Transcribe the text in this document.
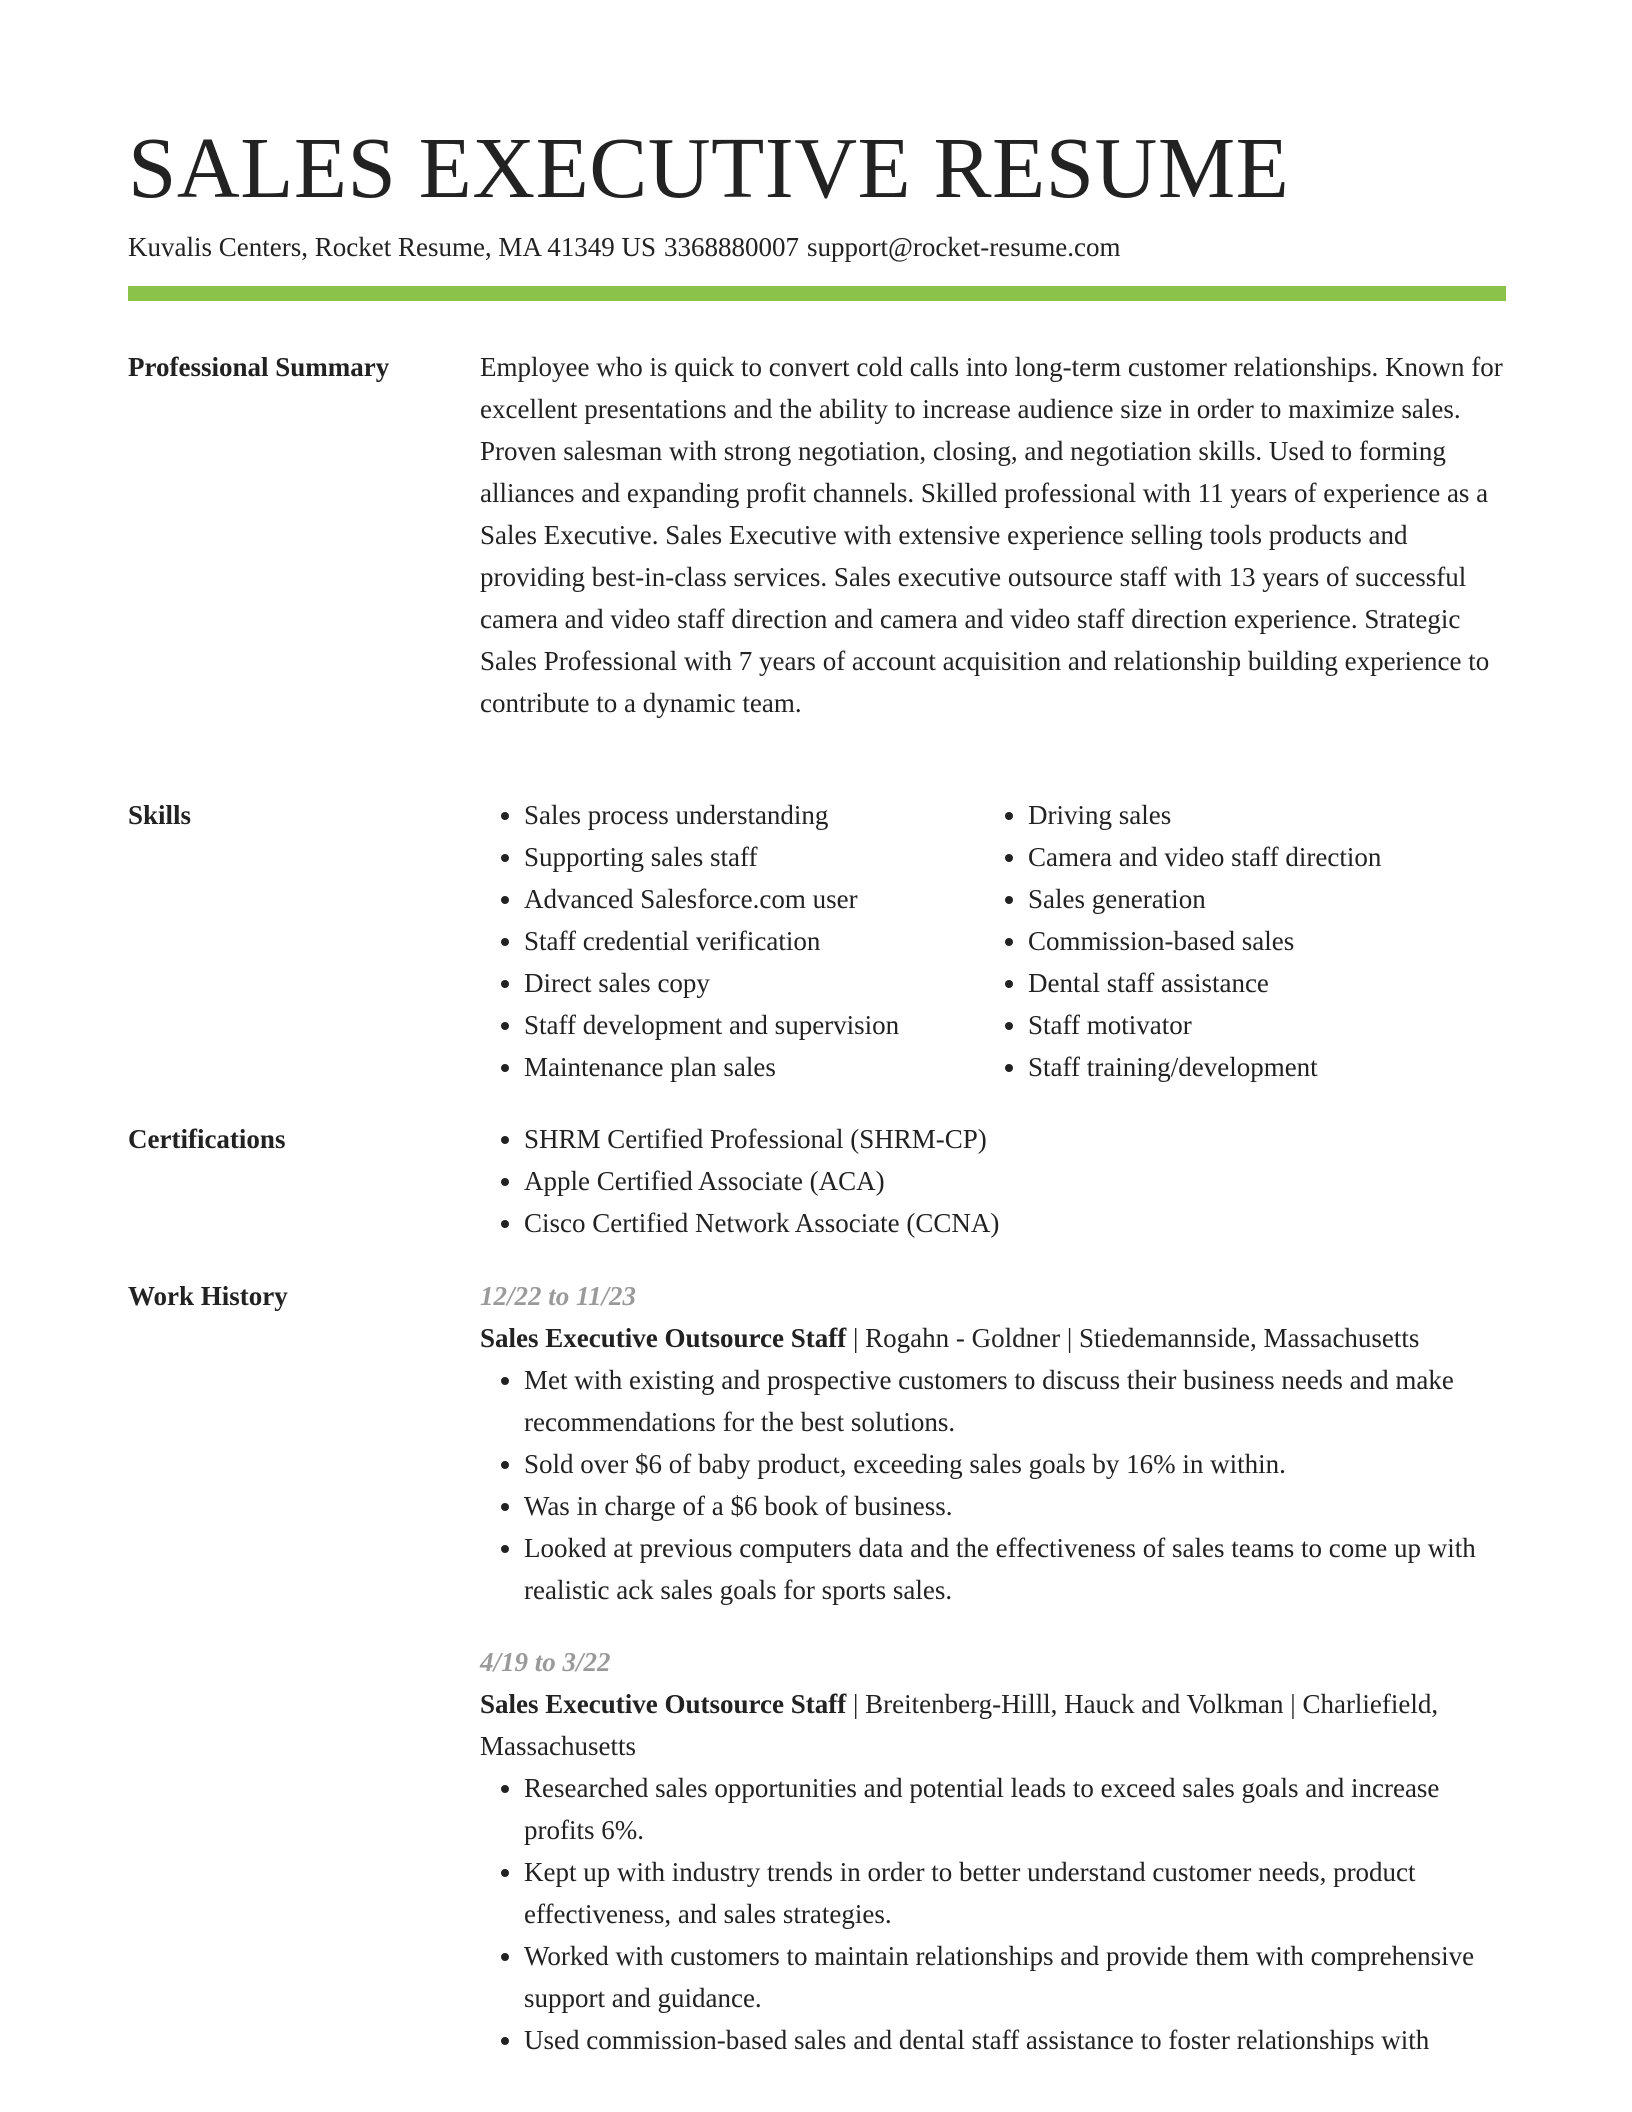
SALES EXECUTIVE RESUME
Kuvalis Centers, Rocket Resume, MA 41349 US 3368880007 support@rocket-resume.com
Professional Summary	Employee who is quick to convert cold calls into long-term customer relationships. Known for excellent presentations and the ability to increase audience size in order to maximize sales. Proven salesman with strong negotiation, closing, and negotiation skills. Used to forming alliances and expanding profit channels. Skilled professional with 11 years of experience as a Sales Executive. Sales Executive with extensive experience selling tools products and providing best-in-class services. Sales executive outsource staff with 13 years of successful camera and video staff direction and camera and video staff direction experience. Strategic Sales Professional with 7 years of account acquisition and relationship building experience to contribute to a dynamic team.

Skills	• Sales process understanding
• Supporting sales staff
• Advanced Salesforce.com user
• Staff credential verification
• Direct sales copy
• Staff development and supervision
• Maintenance plan sales
• Driving sales
• Camera and video staff direction
• Sales generation
• Commission-based sales
• Dental staff assistance
• Staff motivator
• Staff training/development
Certifications	• SHRM Certified Professional (SHRM-CP)
• Apple Certified Associate (ACA)
• Cisco Certified Network Associate (CCNA)
Work History	12/22 to 11/23
Sales Executive Outsource Staff | Rogahn - Goldner | Stiedemannside, Massachusetts
• Met with existing and prospective customers to discuss their business needs and make recommendations for the best solutions.
• Sold over $6 of baby product, exceeding sales goals by 16% in within.
• Was in charge of a $6 book of business.
• Looked at previous computers data and the effectiveness of sales teams to come up with realistic ack sales goals for sports sales.
4/19 to 3/22
Sales Executive Outsource Staff | Breitenberg-Hilll, Hauck and Volkman | Charliefield, Massachusetts
• Researched sales opportunities and potential leads to exceed sales goals and increase profits 6%.
• Kept up with industry trends in order to better understand customer needs, product effectiveness, and sales strategies.
• Worked with customers to maintain relationships and provide them with comprehensive support and guidance.
• Used commission-based sales and dental staff assistance to foster relationships with
